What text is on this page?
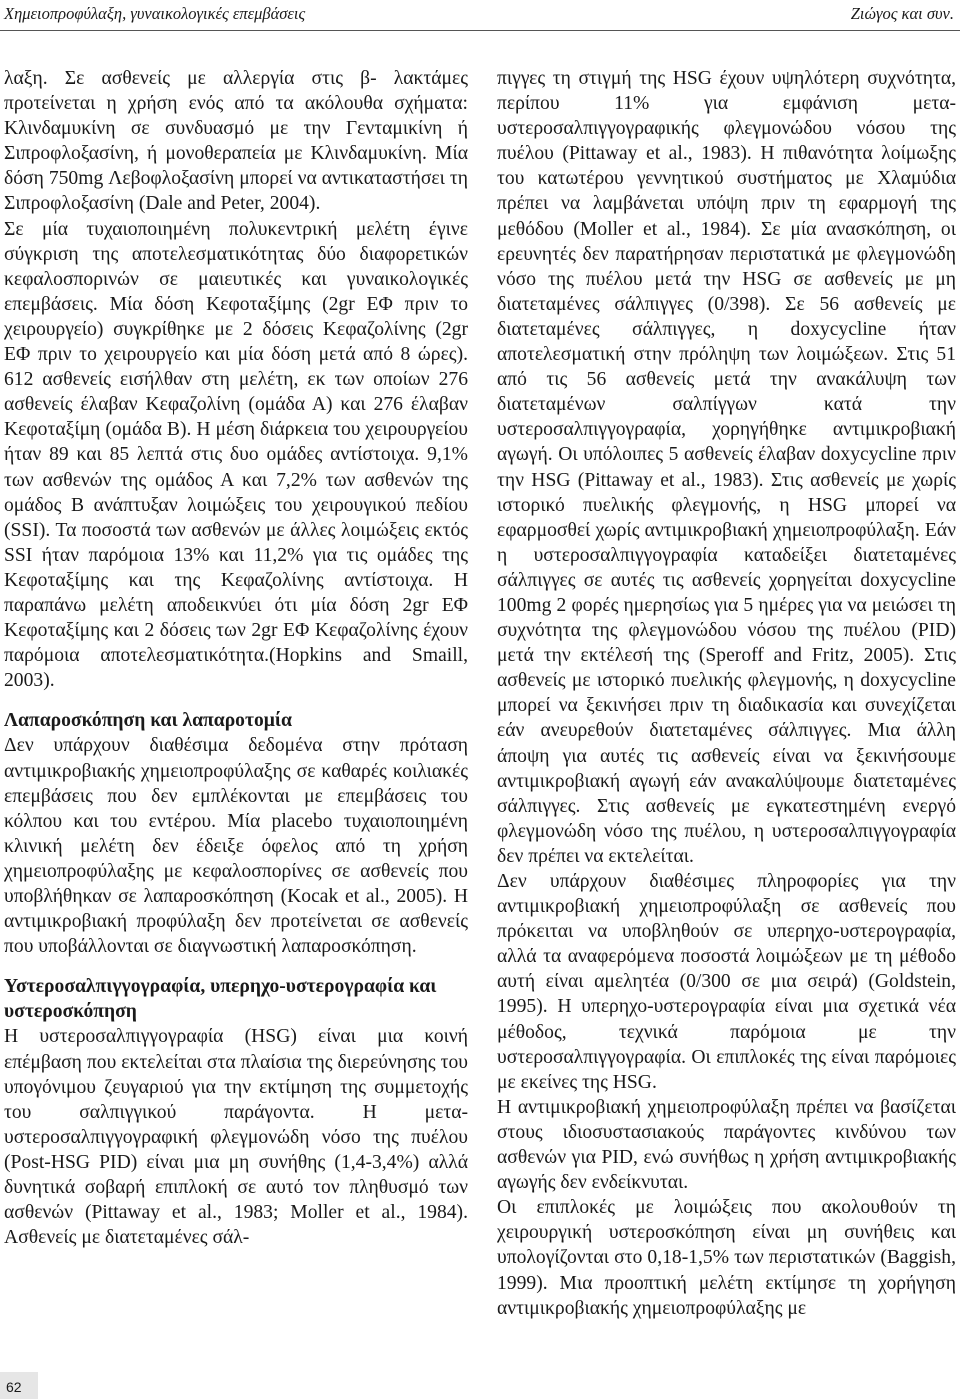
Χημειοπροφύλαξη, γυναικολογικές επεμβάσεις	Ζιώγος και συν.

λαξη. Σε ασθενείς με αλλεργία στις β- λακτάμες προτείνεται η χρήση ενός από τα ακόλουθα σχήματα: Κλινδαμυκίνη σε συνδυασμό με την Γενταμικίνη ή Σιπροφλοξασίνη, ή μονοθεραπεία με Κλινδαμυκίνη. Μία δόση 750mg Λεβοφλοξασίνη μπορεί να αντικαταστήσει τη Σιπροφλοξασίνη (Dale and Peter, 2004).

Σε μία τυχαιοποιημένη πολυκεντρική μελέτη έγινε σύγκριση της αποτελεσματικότητας δύο διαφορετικών κεφαλοσπορινών σε μαιευτικές και γυναικολογικές επεμβάσεις. Μία δόση Κεφοταξίμης (2gr ΕΦ πριν το χειρουργείο) συγκρίθηκε με 2 δόσεις Κεφαζολίνης (2gr ΕΦ πριν το χειρουργείο και μία δόση μετά από 8 ώρες). 612 ασθενείς εισήλθαν στη μελέτη, εκ των οποίων 276 ασθενείς έλαβαν Κεφαζολίνη (ομάδα Α) και 276 έλαβαν Κεφοταξίμη (ομάδα Β). Η μέση διάρκεια του χειρουργείου ήταν 89 και 85 λεπτά στις δυο ομάδες αντίστοιχα. 9,1% των ασθενών της ομάδος Α και 7,2% των ασθενών της ομάδος Β ανάπτυξαν λοιμώξεις του χειρουγικού πεδίου (SSI). Τα ποσοστά των ασθενών με άλλες λοιμώξεις εκτός SSI ήταν παρόμοια 13% και 11,2% για τις ομάδες της Κεφοταξίμης και της Κεφαζολίνης αντίστοιχα. Η παραπάνω μελέτη αποδεικνύει ότι μία δόση 2gr ΕΦ Κεφοταξίμης και 2 δόσεις των 2gr ΕΦ Κεφαζολίνης έχουν παρόμοια αποτελεσματικότητα.(Hopkins and Smaill, 2003).

Λαπαροσκόπηση και λαπαροτομία

Δεν υπάρχουν διαθέσιμα δεδομένα στην πρόταση αντιμικροβιακής χημειοπροφύλαξης σε καθαρές κοιλιακές επεμβάσεις που δεν εμπλέκονται με επεμβάσεις του κόλπου και του εντέρου. Μία placebo τυχαιοποιημένη κλινική μελέτη δεν έδειξε όφελος από τη χρήση χημειοπροφύλαξης με κεφαλοσπορίνες σε ασθενείς που υποβλήθηκαν σε λαπαροσκόπηση (Kocak et al., 2005). Η αντιμικροβιακή προφύλαξη δεν προτείνεται σε ασθενείς που υποβάλλονται σε διαγνωστική λαπαροσκόπηση.

Υστεροσαλπιγγογραφία, υπερηχο-υστερογραφία και υστεροσκόπηση

Η υστεροσαλπιγγογραφία (HSG) είναι μια κοινή επέμβαση που εκτελείται στα πλαίσια της διερεύνησης του υπογόνιμου ζευγαριού για την εκτίμηση της συμμετοχής του σαλπιγγικού παράγοντα. Η μετα-υστεροσαλπιγγογραφική φλεγμονώδη νόσο της πυέλου (Post-HSG PID) είναι μια μη συνήθης (1,4-3,4%) αλλά δυνητικά σοβαρή επιπλοκή σε αυτό τον πληθυσμό των ασθενών (Pittaway et al., 1983; Moller et al., 1984). Ασθενείς με διατεταμένες σάλ-

πιγγες τη στιγμή της HSG έχουν υψηλότερη συχνότητα, περίπου 11% για εμφάνιση μετα- υστεροσαλπιγγογραφικής φλεγμονώδου νόσου της πυέλου (Pittaway et al., 1983). Η πιθανότητα λοίμωξης του κατωτέρου γεννητικού συστήματος με Χλαμύδια πρέπει να λαμβάνεται υπόψη πριν τη εφαρμογή της μεθόδου (Moller et al., 1984). Σε μία ανασκόπηση, οι ερευνητές δεν παρατήρησαν περιστατικά με φλεγμονώδη νόσο της πυέλου μετά την HSG σε ασθενείς με μη διατεταμένες σάλπιγγες (0/398). Σε 56 ασθενείς με διατεταμένες σάλπιγγες, η doxycycline ήταν αποτελεσματική στην πρόληψη των λοιμώξεων. Στις 51 από τις 56 ασθενείς μετά την ανακάλυψη των διατεταμένων σαλπίγγων κατά την υστεροσαλπιγγογραφία, χορηγήθηκε αντιμικροβιακή αγωγή. Οι υπόλοιπες 5 ασθενείς έλαβαν doxycycline πριν την HSG (Pittaway et al., 1983). Στις ασθενείς με χωρίς ιστορικό πυελικής φλεγμονής, η HSG μπορεί να εφαρμοσθεί χωρίς αντιμικροβιακή χημειοπροφύλαξη. Εάν η υστεροσαλπιγγογραφία καταδείξει διατεταμένες σάλπιγγες σε αυτές τις ασθενείς χορηγείται doxycycline 100mg 2 φορές ημερησίως για 5 ημέρες για να μειώσει τη συχνότητα της φλεγμονώδου νόσου της πυέλου (PID) μετά την εκτέλεσή της (Speroff and Fritz, 2005). Στις ασθενείς με ιστορικό πυελικής φλεγμονής, η doxycycline μπορεί να ξεκινήσει πριν τη διαδικασία και συνεχίζεται εάν ανευρεθούν διατεταμένες σάλπιγγες. Μια άλλη άποψη για αυτές τις ασθενείς είναι να ξεκινήσουμε αντιμικροβιακή αγωγή εάν ανακαλύψουμε διατεταμένες σάλπιγγες. Στις ασθενείς με εγκατεστημένη ενεργό φλεγμονώδη νόσο της πυέλου, η υστεροσαλπιγγογραφία δεν πρέπει να εκτελείται.

Δεν υπάρχουν διαθέσιμες πληροφορίες για την αντιμικροβιακή χημειοπροφύλαξη σε ασθενείς που πρόκειται να υποβληθούν σε υπερηχο-υστερογραφία, αλλά τα αναφερόμενα ποσοστά λοιμώξεων με τη μέθοδο αυτή είναι αμελητέα (0/300 σε μια σειρά) (Goldstein, 1995). Η υπερηχο-υστερογραφία είναι μια σχετικά νέα μέθοδος, τεχνικά παρόμοια με την υστεροσαλπιγγογραφία. Οι επιπλοκές της είναι παρόμοιες με εκείνες της HSG.

Η αντιμικροβιακή χημειοπροφύλαξη πρέπει να βασίζεται στους ιδιοσυστασιακούς παράγοντες κινδύνου των ασθενών για PID, ενώ συνήθως η χρήση αντιμικροβιακής αγωγής δεν ενδείκνυται.

Οι επιπλοκές με λοιμώξεις που ακολουθούν τη χειρουργική υστεροσκόπηση είναι μη συνήθεις και υπολογίζονται στο 0,18-1,5% των περιστατικών (Baggish, 1999). Μια προοπτική μελέτη εκτίμησε τη χορήγηση αντιμικροβιακής χημειοπροφύλαξης με

62
